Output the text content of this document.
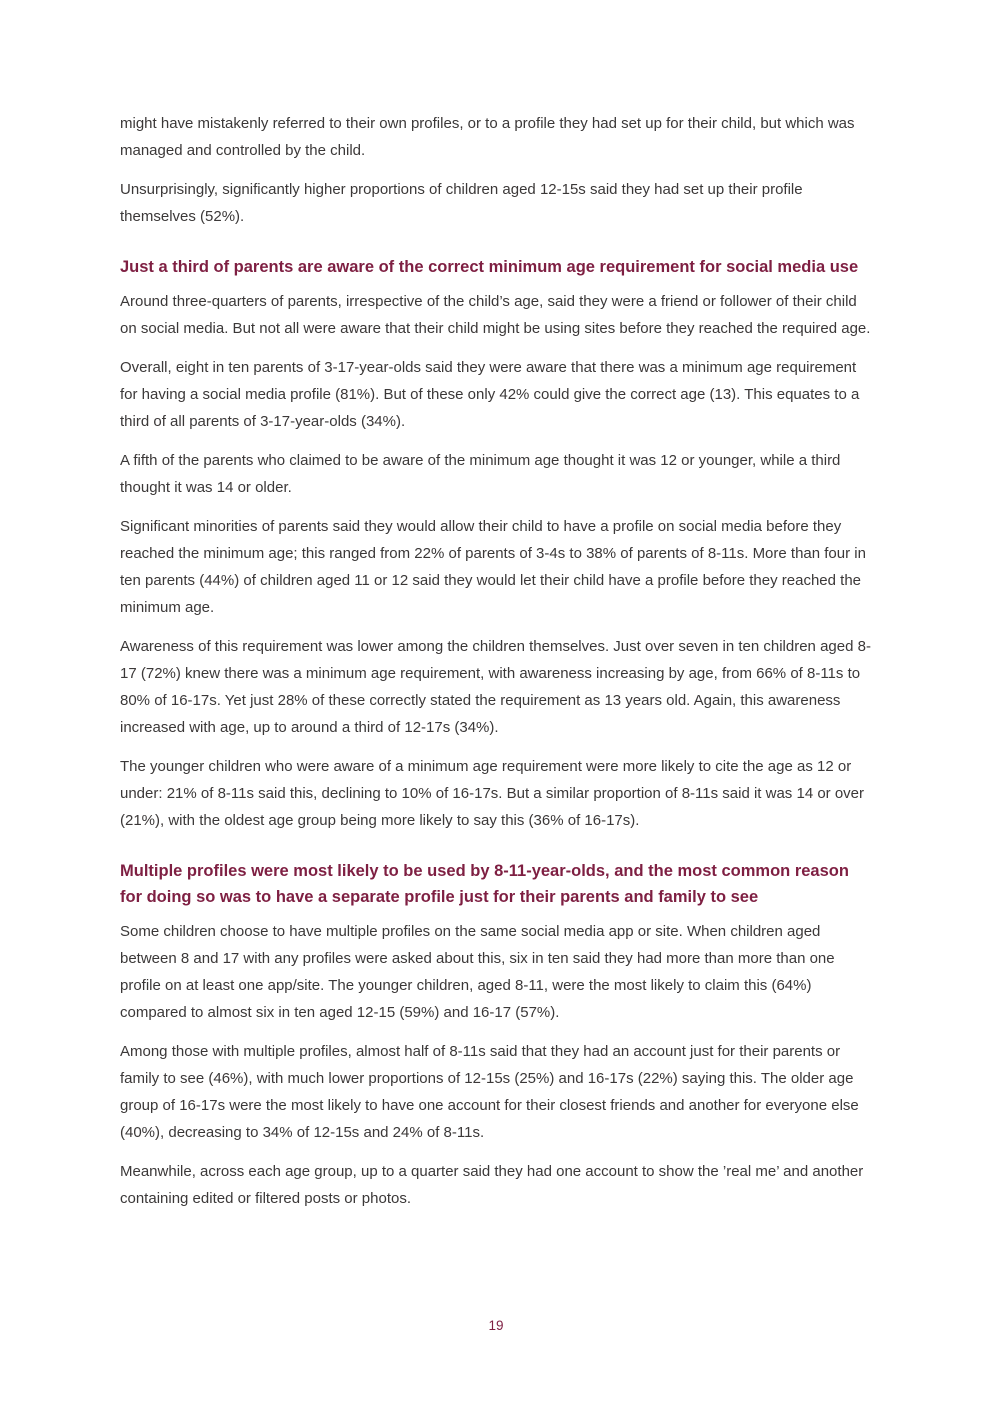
might have mistakenly referred to their own profiles, or to a profile they had set up for their child, but which was managed and controlled by the child.

Unsurprisingly, significantly higher proportions of children aged 12-15s said they had set up their profile themselves (52%).

Just a third of parents are aware of the correct minimum age requirement for social media use

Around three-quarters of parents, irrespective of the child’s age, said they were a friend or follower of their child on social media. But not all were aware that their child might be using sites before they reached the required age.

Overall, eight in ten parents of 3-17-year-olds said they were aware that there was a minimum age requirement for having a social media profile (81%). But of these only 42% could give the correct age (13). This equates to a third of all parents of 3-17-year-olds (34%).

A fifth of the parents who claimed to be aware of the minimum age thought it was 12 or younger, while a third thought it was 14 or older.

Significant minorities of parents said they would allow their child to have a profile on social media before they reached the minimum age; this ranged from 22% of parents of 3-4s to 38% of parents of 8-11s. More than four in ten parents (44%) of children aged 11 or 12 said they would let their child have a profile before they reached the minimum age.

Awareness of this requirement was lower among the children themselves. Just over seven in ten children aged 8-17 (72%) knew there was a minimum age requirement, with awareness increasing by age, from 66% of 8-11s to 80% of 16-17s. Yet just 28% of these correctly stated the requirement as 13 years old. Again, this awareness increased with age, up to around a third of 12-17s (34%).

The younger children who were aware of a minimum age requirement were more likely to cite the age as 12 or under: 21% of 8-11s said this, declining to 10% of 16-17s. But a similar proportion of 8-11s said it was 14 or over (21%), with the oldest age group being more likely to say this (36% of 16-17s).

Multiple profiles were most likely to be used by 8-11-year-olds, and the most common reason for doing so was to have a separate profile just for their parents and family to see

Some children choose to have multiple profiles on the same social media app or site. When children aged between 8 and 17 with any profiles were asked about this, six in ten said they had more than more than one profile on at least one app/site. The younger children, aged 8-11, were the most likely to claim this (64%) compared to almost six in ten aged 12-15 (59%) and 16-17 (57%).

Among those with multiple profiles, almost half of 8-11s said that they had an account just for their parents or family to see (46%), with much lower proportions of 12-15s (25%) and 16-17s (22%) saying this. The older age group of 16-17s were the most likely to have one account for their closest friends and another for everyone else (40%), decreasing to 34% of 12-15s and 24% of 8-11s.

Meanwhile, across each age group, up to a quarter said they had one account to show the ’real me’ and another containing edited or filtered posts or photos.

19
